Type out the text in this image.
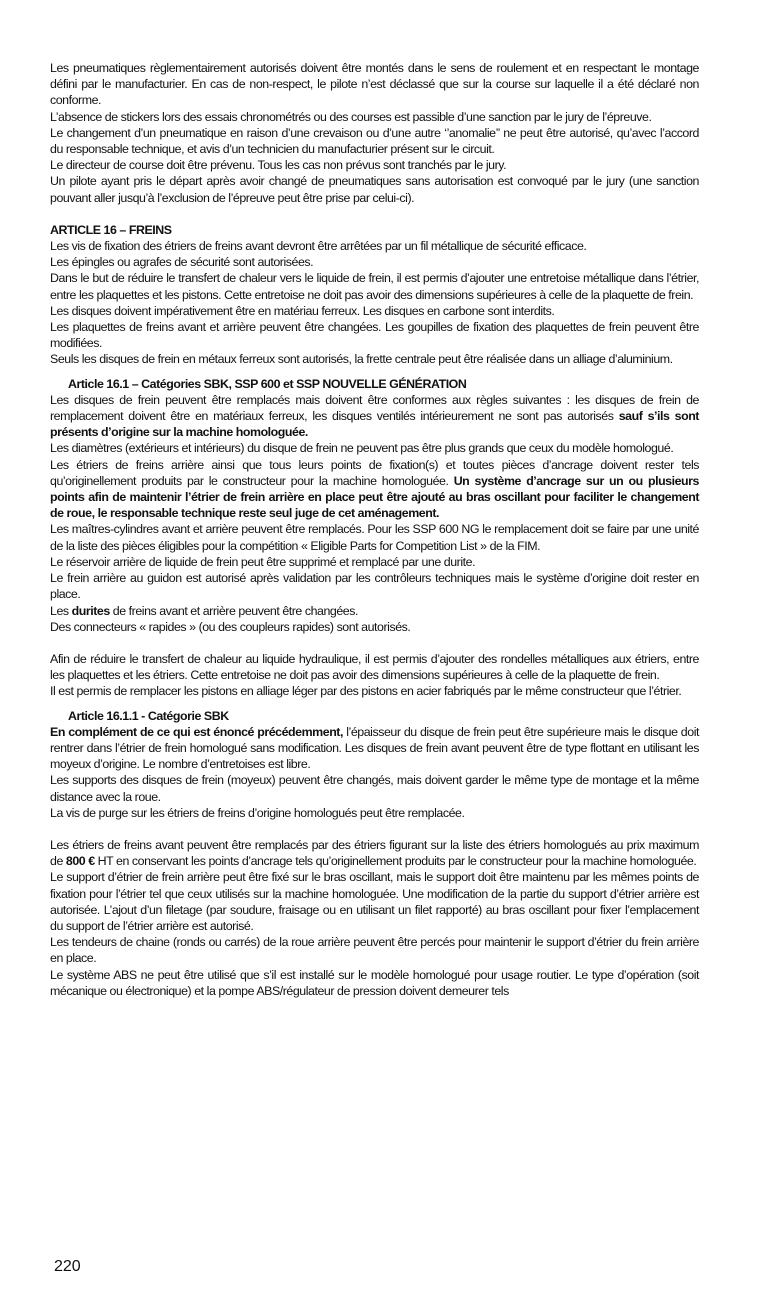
Les pneumatiques règlementairement autorisés doivent être montés dans le sens de roulement et en respectant le montage défini par le manufacturier. En cas de non-respect, le pilote n’est déclassé que sur la course sur laquelle il a été déclaré non conforme.

L’absence de stickers lors des essais chronométrés ou des courses est passible d’une sanction par le jury de l’épreuve.

Le changement d’un pneumatique en raison d’une crevaison ou d’une autre ‘’anomalie’’ ne peut être autorisé, qu’avec l’accord du responsable technique, et avis d’un technicien du manufacturier présent sur le circuit.

Le directeur de course doit être prévenu. Tous les cas non prévus sont tranchés par le jury.

Un pilote ayant pris le départ après avoir changé de pneumatiques sans autorisation est convoqué par le jury (une sanction pouvant aller jusqu’à l’exclusion de l’épreuve peut être prise par celui-ci).

ARTICLE 16 – FREINS

Les vis de fixation des étriers de freins avant devront être arrêtées par un fil métallique de sécurité efficace.

Les épingles ou agrafes de sécurité sont autorisées.

Dans le but de réduire le transfert de chaleur vers le liquide de frein, il est permis d’ajouter une entretoise métallique dans l’étrier, entre les plaquettes et les pistons. Cette entretoise ne doit pas avoir des dimensions supérieures à celle de la plaquette de frein.

Les disques doivent impérativement être en matériau ferreux. Les disques en carbone sont interdits.

Les plaquettes de freins avant et arrière peuvent être changées. Les goupilles de fixation des plaquettes de frein peuvent être modifiées.

Seuls les disques de frein en métaux ferreux sont autorisés, la frette centrale peut être réalisée dans un alliage d’aluminium.

Article 16.1 – Catégories SBK, SSP 600 et SSP NOUVELLE GÉNÉRATION

Les disques de frein peuvent être remplacés mais doivent être conformes aux règles suivantes : les disques de frein de remplacement doivent être en matériaux ferreux, les disques ventilés intérieurement ne sont pas autorisés sauf s’ils sont présents d’origine sur la machine homologuée.

Les diamètres (extérieurs et intérieurs) du disque de frein ne peuvent pas être plus grands que ceux du modèle homologué.

Les étriers de freins arrière ainsi que tous leurs points de fixation(s) et toutes pièces d’ancrage doivent rester tels qu’originellement produits par le constructeur pour la machine homologuée. Un système d’ancrage sur un ou plusieurs points afin de maintenir l’étrier de frein arrière en place peut être ajouté au bras oscillant pour faciliter le changement de roue, le responsable technique reste seul juge de cet aménagement.

Les maîtres-cylindres avant et arrière peuvent être remplacés. Pour les SSP 600 NG le remplacement doit se faire par une unité de la liste des pièces éligibles pour la compétition « Eligible Parts for Competition List » de la FIM.

Le réservoir arrière de liquide de frein peut être supprimé et remplacé par une durite.

Le frein arrière au guidon est autorisé après validation par les contrôleurs techniques mais le système d’origine doit rester en place.

Les durites de freins avant et arrière peuvent être changées.

Des connecteurs « rapides » (ou des coupleurs rapides) sont autorisés.

Afin de réduire le transfert de chaleur au liquide hydraulique, il est permis d’ajouter des rondelles métalliques aux étriers, entre les plaquettes et les étriers. Cette entretoise ne doit pas avoir des dimensions supérieures à celle de la plaquette de frein.

Il est permis de remplacer les pistons en alliage léger par des pistons en acier fabriqués par le même constructeur que l’étrier.

Article 16.1.1 - Catégorie SBK

En complément de ce qui est énoncé précédemment, l’épaisseur du disque de frein peut être supérieure mais le disque doit rentrer dans l’étrier de frein homologué sans modification. Les disques de frein avant peuvent être de type flottant en utilisant les moyeux d’origine. Le nombre d’entretoises est libre.

Les supports des disques de frein (moyeux) peuvent être changés, mais doivent garder le même type de montage et la même distance avec la roue.

La vis de purge sur les étriers de freins d’origine homologués peut être remplacée.

Les étriers de freins avant peuvent être remplacés par des étriers figurant sur la liste des étriers homologués au prix maximum de 800 € HT en conservant les points d’ancrage tels qu’originellement produits par le constructeur pour la machine homologuée.

Le support d’étrier de frein arrière peut être fixé sur le bras oscillant, mais le support doit être maintenu par les mêmes points de fixation pour l’étrier tel que ceux utilisés sur la machine homologuée. Une modification de la partie du support d’étrier arrière est autorisée. L’ajout d’un filetage (par soudure, fraisage ou en utilisant un filet rapporté) au bras oscillant pour fixer l’emplacement du support de l’étrier arrière est autorisé.

Les tendeurs de chaine (ronds ou carrés) de la roue arrière peuvent être percés pour maintenir le support d’étrier du frein arrière en place.

Le système ABS ne peut être utilisé que s’il est installé sur le modèle homologué pour usage routier. Le type d’opération (soit mécanique ou électronique) et la pompe ABS/régulateur de pression doivent demeurer tels

220
